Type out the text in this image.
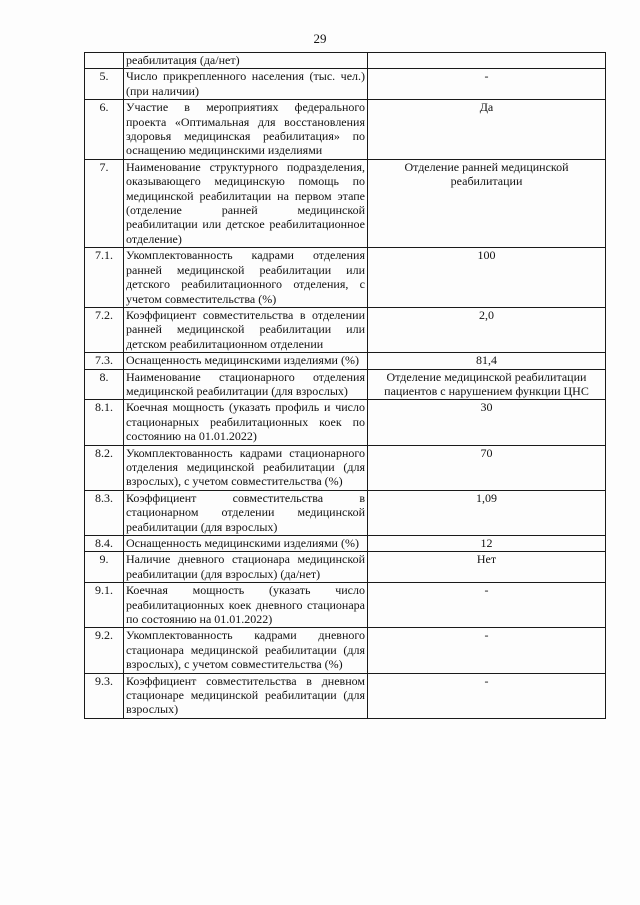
29
	реабилитация (да/нет)	
5.	Число прикрепленного населения (тыс. чел.) (при наличии)	-
6.	Участие в мероприятиях федерального проекта «Оптимальная для восстановления здоровья медицинская реабилитация» по оснащению медицинскими изделиями	Да
7.	Наименование структурного подразделения, оказывающего медицинскую помощь по медицинской реабилитации на первом этапе (отделение ранней медицинской реабилитации или детское реабилитационное отделение)	Отделение ранней медицинской реабилитации
7.1.	Укомплектованность кадрами отделения ранней медицинской реабилитации или детского реабилитационного отделения, с учетом совместительства (%)	100
7.2.	Коэффициент совместительства в отделении ранней медицинской реабилитации или детском реабилитационном отделении	2,0
7.3.	Оснащенность медицинскими изделиями (%)	81,4
8.	Наименование стационарного отделения медицинской реабилитации (для взрослых)	Отделение медицинской реабилитации пациентов с нарушением функции ЦНС
8.1.	Коечная мощность (указать профиль и число стационарных реабилитационных коек по состоянию на 01.01.2022)	30
8.2.	Укомплектованность кадрами стационарного отделения медицинской реабилитации (для взрослых), с учетом совместительства (%)	70
8.3.	Коэффициент совместительства в стационарном отделении медицинской реабилитации (для взрослых)	1,09
8.4.	Оснащенность медицинскими изделиями (%)	12
9.	Наличие дневного стационара медицинской реабилитации (для взрослых) (да/нет)	Нет
9.1.	Коечная мощность (указать число реабилитационных коек дневного стационара по состоянию на 01.01.2022)	-
9.2.	Укомплектованность кадрами дневного стационара медицинской реабилитации (для взрослых), с учетом совместительства (%)	-
9.3.	Коэффициент совместительства в дневном стационаре медицинской реабилитации (для взрослых)	-
